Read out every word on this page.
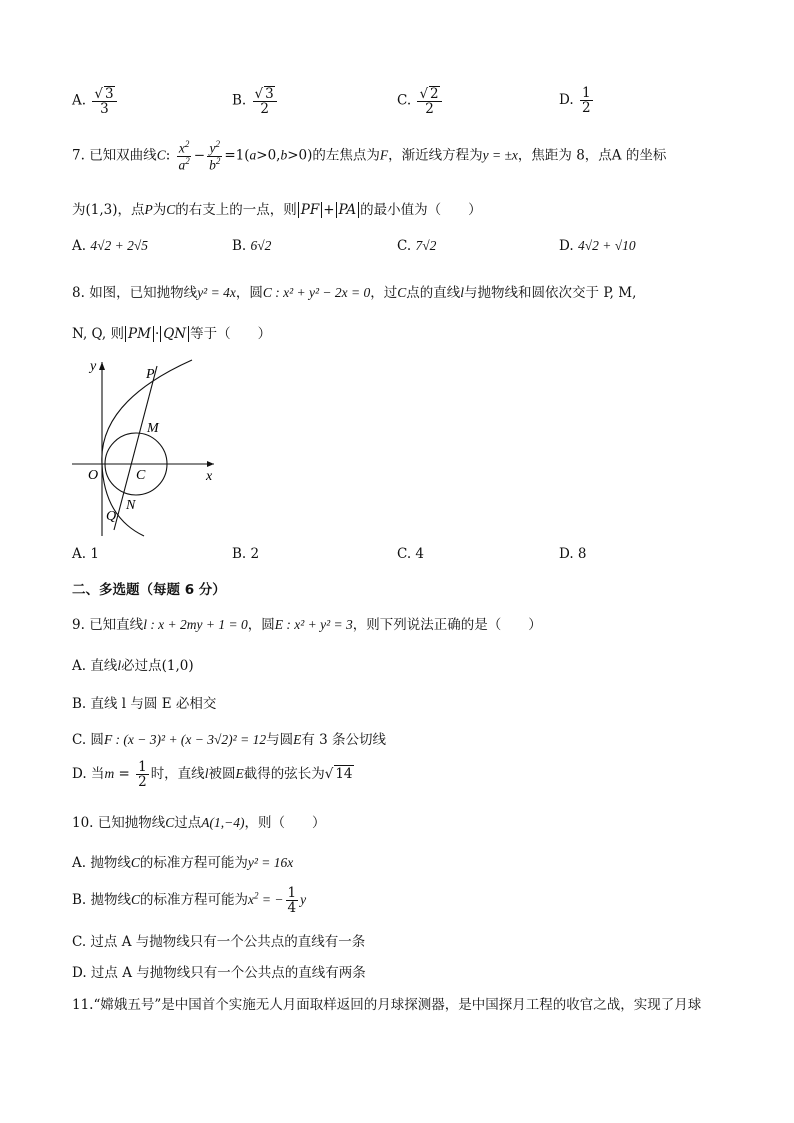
A. $\frac{√ 3}{3}$	B. $\frac{√ 3}{2}$	C. $\frac{√ 2}{2}$	D. $\frac{1}{2}$
7. 已知双曲线C: $\frac{x^2}{a^2} - \frac{y^2}{b^2} =1(a>0,b>0)$的左焦点为F，渐近线方程为y = ±x，焦距为 8，点A 的坐标
为(1,3)，点P为C的右支上的一点，则 PF + PA 的最小值为（　　）
A. 4√2 + 2√5	B. 6√2	C. 7√2	D. 4√2 + √10
8. 如图，已知抛物线y² = 4x，圆C : x² + y² − 2x = 0，过C点的直线l与抛物线和圆依次交于 P, M,
N, Q, 则 PM · QN 等于（　　）
y
x
P
M
O	C
N
Q
A. 1	B. 2	C. 4	D. 8
二、多选题（每题 6 分）
9. 已知直线l : x + 2my + 1 = 0，圆E : x² + y² = 3，则下列说法正确的是（　　）
A. 直线l必过点(1,0)
B. 直线 l 与圆 E 必相交
C. 圆F : (x − 3)² + (x − 3√2)² = 12与圆E有 3 条公切线
D. 当$m = \frac{1}{2}$ 时，直线l被圆E截得的弦长为√ 14
10. 已知抛物线C过点A(1,−4)，则（　　）
A. 抛物线C的标准方程可能为y² = 16x
B. 拋物线C的标准方程可能为$x^2$ = − $\frac{1}{4}$ y
C. 过点 A 与抛物线只有一个公共点的直线有一条
D. 过点 A 与抛物线只有一个公共点的直线有两条
11.“嫦娥五号”是中国首个实施无人月面取样返回的月球探测器，是中国探月工程的收官之战，实现了月球
